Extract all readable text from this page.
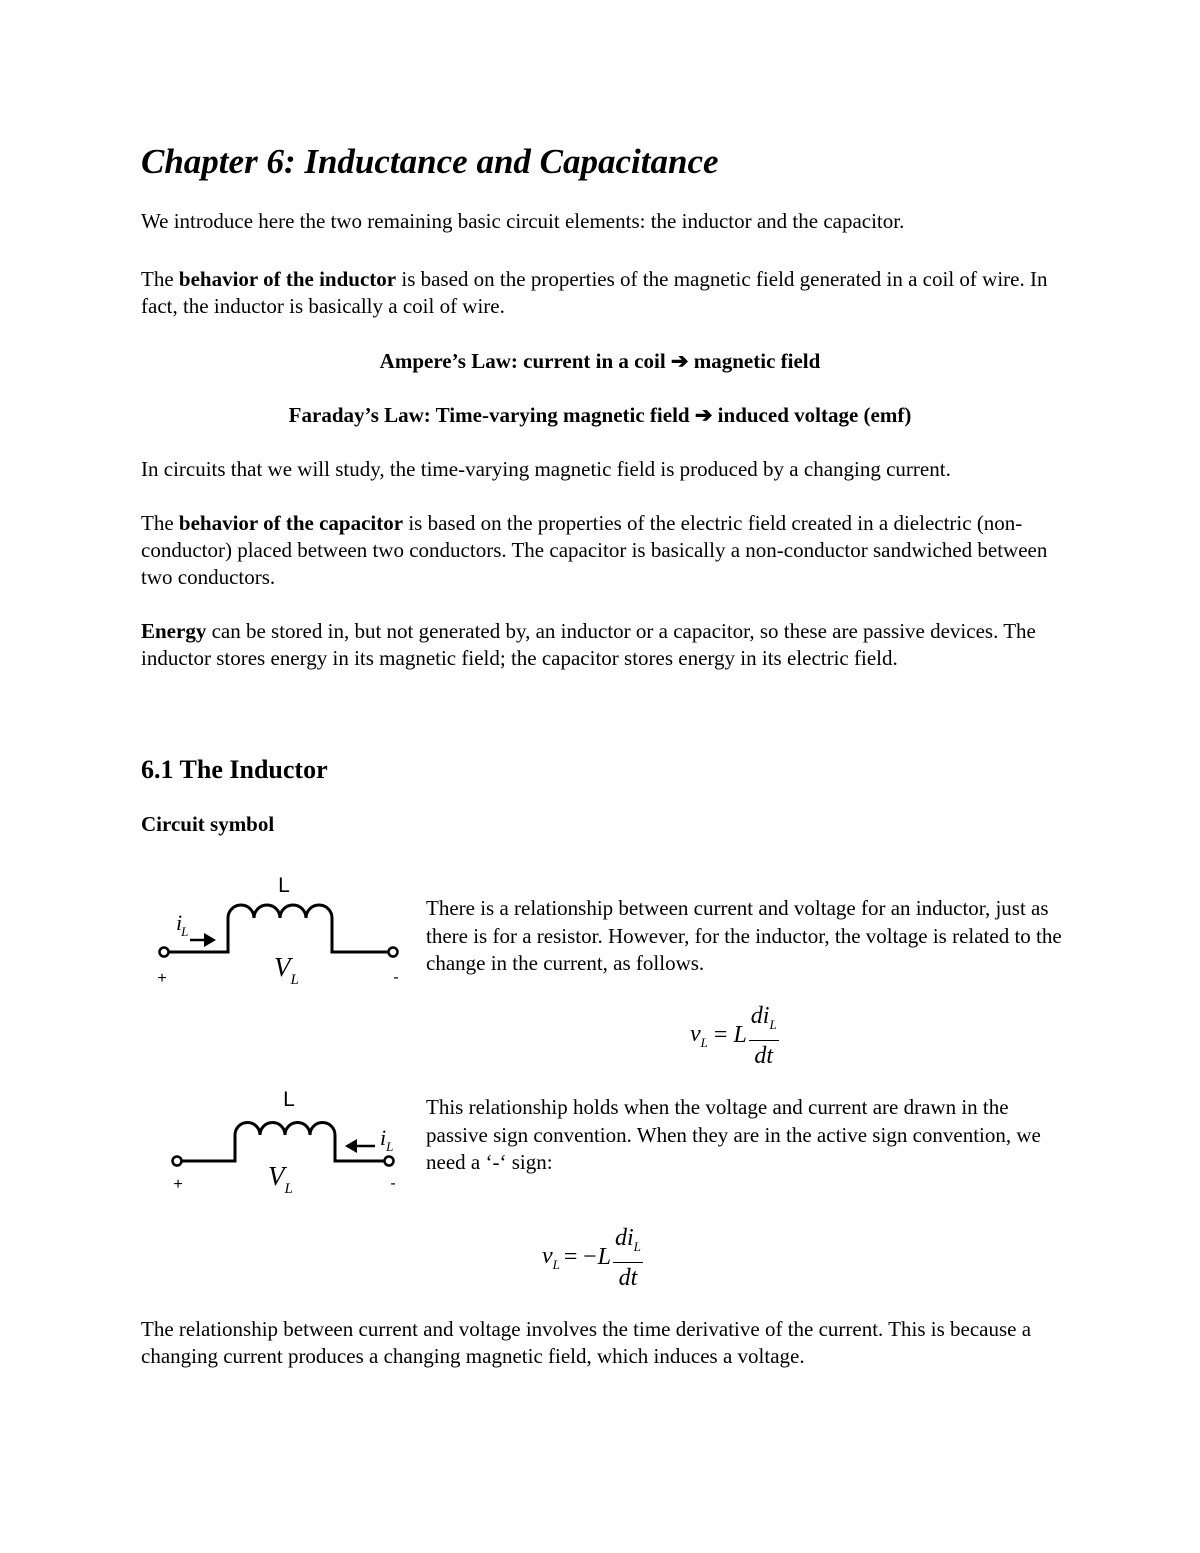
Chapter 6: Inductance and Capacitance

We introduce here the two remaining basic circuit elements: the inductor and the capacitor.

The behavior of the inductor is based on the properties of the magnetic field generated in a coil of wire. In fact, the inductor is basically a coil of wire.

Ampere’s Law: current in a coil ➔ magnetic field

Faraday’s Law: Time-varying magnetic field ➔ induced voltage (emf)

In circuits that we will study, the time-varying magnetic field is produced by a changing current.

The behavior of the capacitor is based on the properties of the electric field created in a dielectric (non-conductor) placed between two conductors. The capacitor is basically a non-conductor sandwiched between two conductors.

Energy can be stored in, but not generated by, an inductor or a capacitor, so these are passive devices. The inductor stores energy in its magnetic field; the capacitor stores energy in its electric field.

6.1 The Inductor
Circuit symbol
L
iL
$V_L$
+	-
L
$i_L$
$V_L$
+	-

There is a relationship between current and voltage for an inductor, just as there is for a resistor. However, for the inductor, the voltage is related to the change in the current, as follows.

$v_L = L \frac{di_L}{dt}$

This relationship holds when the voltage and current are drawn in the passive sign convention. When they are in the active sign convention, we need a ‘-‘ sign:

$v_L = -L \frac{di_L}{dt}$

The relationship between current and voltage involves the time derivative of the current. This is because a changing current produces a changing magnetic field, which induces a voltage.
